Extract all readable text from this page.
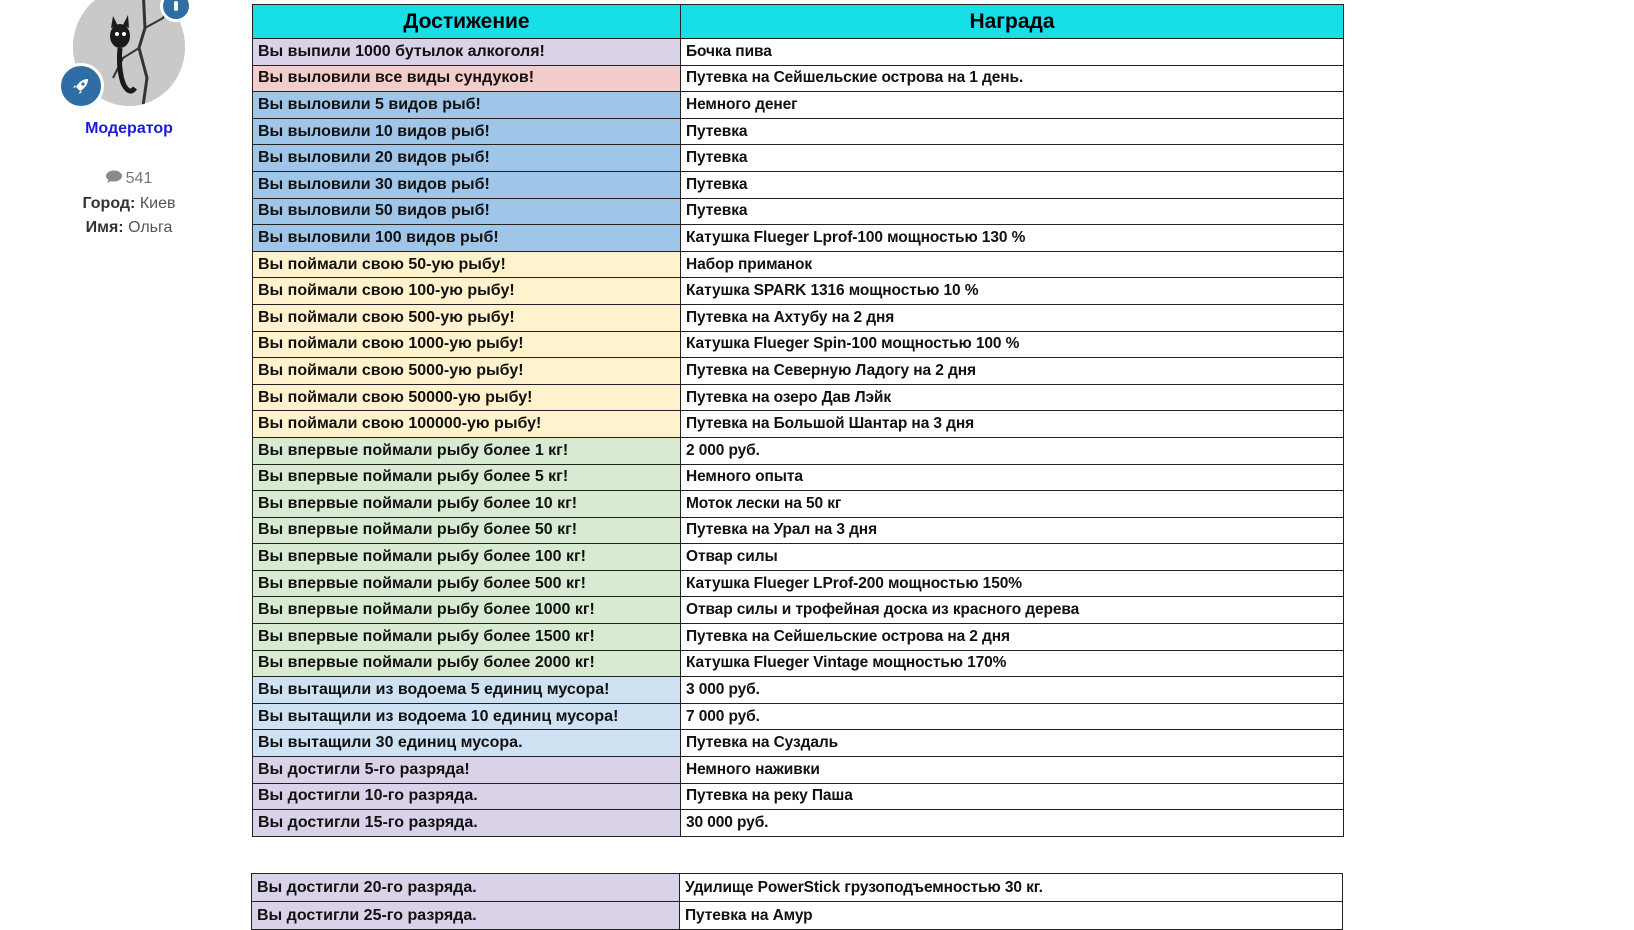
Модератор
541
Город: Киев
Имя: Ольга
Достижение	Награда
Вы выпили 1000 бутылок алкоголя!	Бочка пива
Вы выловили все виды сундуков!	Путевка на Сейшельские острова на 1 день.
Вы выловили 5 видов рыб!	Немного денег
Вы выловили 10 видов рыб!	Путевка
Вы выловили 20 видов рыб!	Путевка
Вы выловили 30 видов рыб!	Путевка
Вы выловили 50 видов рыб!	Путевка
Вы выловили 100 видов рыб!	Катушка Flueger Lprof-100 мощностью 130 %
Вы поймали свою 50-ую рыбу!	Набор приманок
Вы поймали свою 100-ую рыбу!	Катушка SPARK 1316 мощностью 10 %
Вы поймали свою 500-ую рыбу!	Путевка на Ахтубу на 2 дня
Вы поймали свою 1000-ую рыбу!	Катушка Flueger Spin-100 мощностью 100 %
Вы поймали свою 5000-ую рыбу!	Путевка на Северную Ладогу на 2 дня
Вы поймали свою 50000-ую рыбу!	Путевка на озеро Дав Лэйк
Вы поймали свою 100000-ую рыбу!	Путевка на Большой Шантар на 3 дня
Вы впервые поймали рыбу более 1 кг!	2 000 руб.
Вы впервые поймали рыбу более 5 кг!	Немного опыта
Вы впервые поймали рыбу более 10 кг!	Моток лески на 50 кг
Вы впервые поймали рыбу более 50 кг!	Путевка на Урал на 3 дня
Вы впервые поймали рыбу более 100 кг!	Отвар силы
Вы впервые поймали рыбу более 500 кг!	Катушка Flueger LProf-200 мощностью 150%
Вы впервые поймали рыбу более 1000 кг!	Отвар силы и трофейная доска из красного дерева
Вы впервые поймали рыбу более 1500 кг!	Путевка на Сейшельские острова на 2 дня
Вы впервые поймали рыбу более 2000 кг!	Катушка Flueger Vintage мощностью 170%
Вы вытащили из водоема 5 единиц мусора!	3 000 руб.
Вы вытащили из водоема 10 единиц мусора!	7 000 руб.
Вы вытащили 30 единиц мусора.	Путевка на Суздаль
Вы достигли 5-го разряда!	Немного наживки
Вы достигли 10-го разряда.	Путевка на реку Паша
Вы достигли 15-го разряда.	30 000 руб.
Вы достигли 20-го разряда.	Удилище PowerStick грузоподъемностью 30 кг.
Вы достигли 25-го разряда.	Путевка на Амур
